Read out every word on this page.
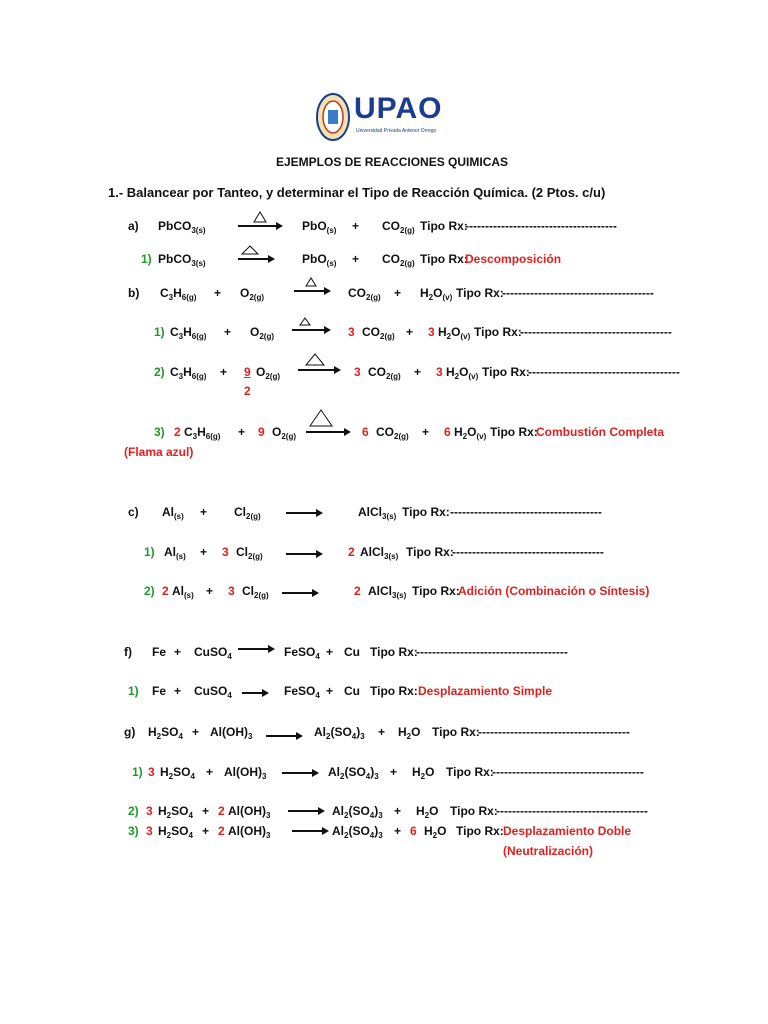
UPAO
Universidad Privada Antenor Orrego
EJEMPLOS DE REACCIONES QUIMICAS
1.- Balancear por Tanteo, y determinar el Tipo de Reacción Química. (2 Ptos. c/u)
a) PbCO$_{3(s)}$	$PbO_{(s)} + CO_{2(g)}$ Tipo Rx:
--------------------------------------
1) PbCO$_{3(s)}$	$PbO_{(s)} + CO_{2(g)}$ Tipo Rx:
Descomposición
b) $C_3H_{6(g)} + O_{2(g)}$	$CO_{2(g)} + H_2O_{(v)}$ Tipo Rx:
--------------------------------------
1) $C_3H_{6(g)} + O_{2(g)}$	3 $CO_{2(g)} + 3$ $H_2O_{(v)}$ Tipo Rx:
--------------------------------------
2) $C_3H_{6(g)} + 9$
2
$O_{2(g)}$	3 $CO_{2(g)} + 3$ $H_2O_{(v)}$ Tipo Rx:
--------------------------------------
3) 2 $C_3H_{6(g)} + 9$ $O_{2(g)}$	6 $CO_{2(g)} + 6$ $H_2O_{(v)}$ Tipo Rx:
Combustión Completa
(Flama azul)
c) $Al_{(s)} + Cl_{2(g)}$	AlCl$_{3(s)}$ Tipo Rx: --------------------------------------
1) $Al_{(s)} + 3$ $Cl_{2(g)}$	2 AlCl$_{3(s)}$ Tipo Rx:
--------------------------------------
2) 2 $Al_{(s)} + 3$ $Cl_{2(g)}$ →	2 AlCl$_{3(s)}$ Tipo Rx:
Adición (Combinación o Síntesis)
f) Fe + CuSO$_4$ → FeSO$_4$ + Cu Tipo Rx:
--------------------------------------
1) Fe + CuSO$_4$ → FeSO$_4$ + Cu Tipo Rx: Desplazamiento Simple
g) $H_2SO_4 + Al(OH)_3 \to Al_2(SO_4)_3 + H_2O$ Tipo Rx:
--------------------------------------
1) 3 $H_2SO_4 + Al(OH)_3 \to Al_2(SO_4)_3 + H_2O$ Tipo Rx:
--------------------------------------
2) 3 $H_2SO_4 + 2$ $Al(OH)_3 \to Al_2(SO_4)_3 + H_2O$ Tipo Rx:
--------------------------------------
3) 3 $H_2SO_4 + 2$ $Al(OH)_3 \to Al_2(SO_4)_3 + 6$ $H_2O$ Tipo Rx: Desplazamiento Doble
(Neutralización)
